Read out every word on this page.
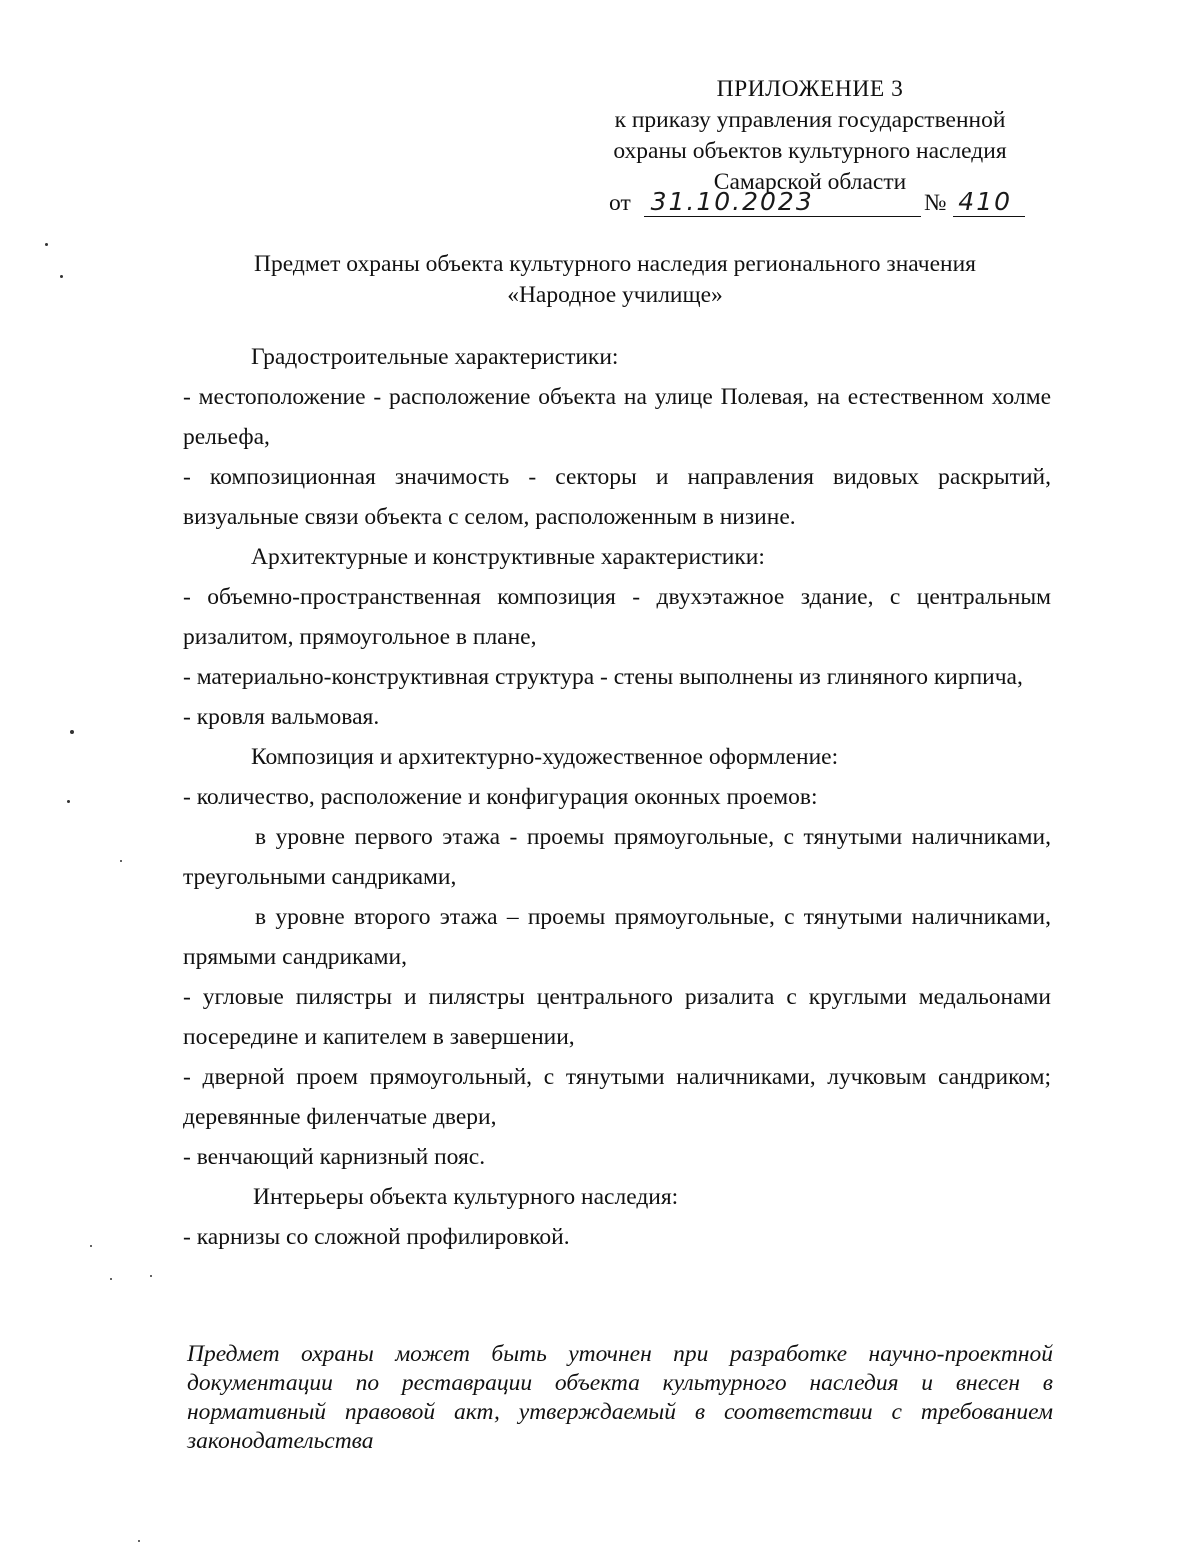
ПРИЛОЖЕНИЕ 3
к приказу управления государственной
охраны объектов культурного наследия
Самарской области
от 31.10.2023	№ 410
Предмет охраны объекта культурного наследия регионального значения
«Народное училище»

Градостроительные характеристики:

- местоположение - расположение объекта на улице Полевая, на естественном холме рельефа,

- композиционная значимость - секторы и направления видовых раскрытий, визуальные связи объекта с селом, расположенным в низине.

Архитектурные и конструктивные характеристики:

- объемно-пространственная композиция - двухэтажное здание, с центральным ризалитом, прямоугольное в плане,

- материально-конструктивная структура - стены выполнены из глиняного кирпича,

- кровля вальмовая.

Композиция и архитектурно-художественное оформление:

- количество, расположение и конфигурация оконных проемов:

в уровне первого этажа - проемы прямоугольные, с тянутыми наличниками, треугольными сандриками,

в уровне второго этажа – проемы прямоугольные, с тянутыми наличниками, прямыми сандриками,

- угловые пилястры и пилястры центрального ризалита с круглыми медальонами посередине и капителем в завершении,

- дверной проем прямоугольный, с тянутыми наличниками, лучковым сандриком; деревянные филенчатые двери,

- венчающий карнизный пояс.

Интерьеры объекта культурного наследия:

- карнизы со сложной профилировкой.

Предмет охраны может быть уточнен при разработке научно-проектной документации по реставрации объекта культурного наследия и внесен в нормативный правовой акт, утверждаемый в соответствии с требованием законодательства
